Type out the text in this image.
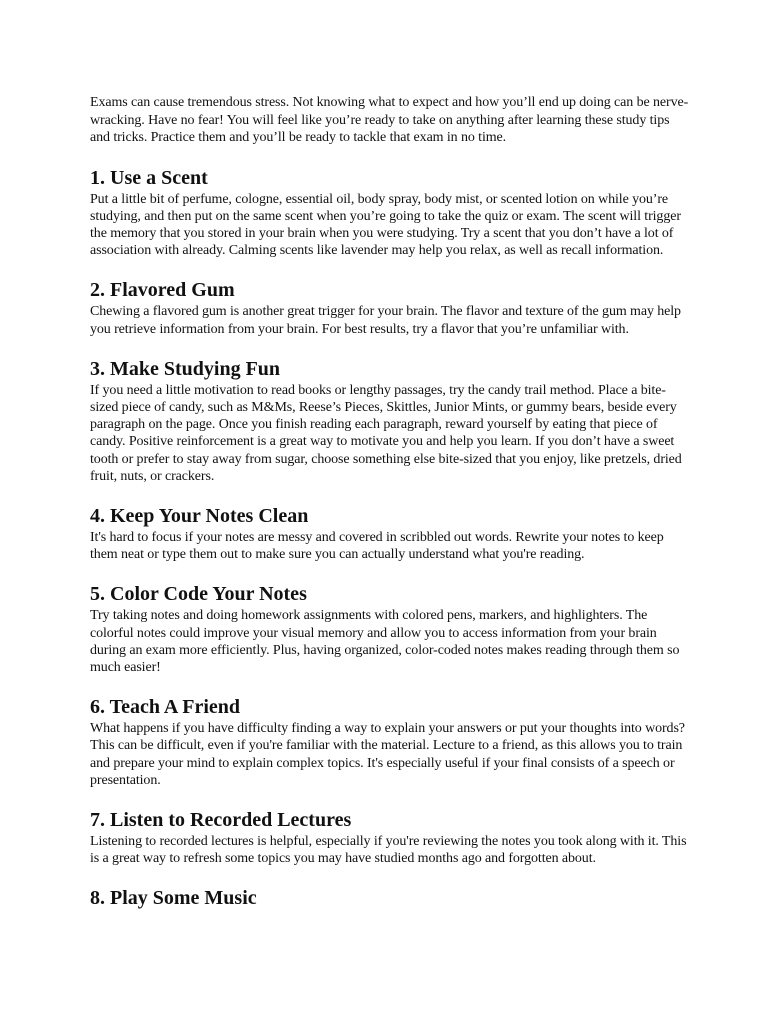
Exams can cause tremendous stress. Not knowing what to expect and how you’ll end up doing can be nerve-wracking. Have no fear! You will feel like you’re ready to take on anything after learning these study tips and tricks. Practice them and you’ll be ready to tackle that exam in no time.

1. Use a Scent

Put a little bit of perfume, cologne, essential oil, body spray, body mist, or scented lotion on while you’re studying, and then put on the same scent when you’re going to take the quiz or exam. The scent will trigger the memory that you stored in your brain when you were studying. Try a scent that you don’t have a lot of association with already. Calming scents like lavender may help you relax, as well as recall information.

2. Flavored Gum

Chewing a flavored gum is another great trigger for your brain. The flavor and texture of the gum may help you retrieve information from your brain. For best results, try a flavor that you’re unfamiliar with.

3. Make Studying Fun

If you need a little motivation to read books or lengthy passages, try the candy trail method. Place a bite-sized piece of candy, such as M&Ms, Reese’s Pieces, Skittles, Junior Mints, or gummy bears, beside every paragraph on the page. Once you finish reading each paragraph, reward yourself by eating that piece of candy. Positive reinforcement is a great way to motivate you and help you learn. If you don’t have a sweet tooth or prefer to stay away from sugar, choose something else bite-sized that you enjoy, like pretzels, dried fruit, nuts, or crackers.

4. Keep Your Notes Clean

It's hard to focus if your notes are messy and covered in scribbled out words. Rewrite your notes to keep them neat or type them out to make sure you can actually understand what you're reading.

5. Color Code Your Notes

Try taking notes and doing homework assignments with colored pens, markers, and highlighters. The colorful notes could improve your visual memory and allow you to access information from your brain during an exam more efficiently. Plus, having organized, color-coded notes makes reading through them so much easier!

6. Teach A Friend

What happens if you have difficulty finding a way to explain your answers or put your thoughts into words? This can be difficult, even if you're familiar with the material. Lecture to a friend, as this allows you to train and prepare your mind to explain complex topics. It's especially useful if your final consists of a speech or presentation.

7. Listen to Recorded Lectures

Listening to recorded lectures is helpful, especially if you're reviewing the notes you took along with it. This is a great way to refresh some topics you may have studied months ago and forgotten about.

8. Play Some Music
